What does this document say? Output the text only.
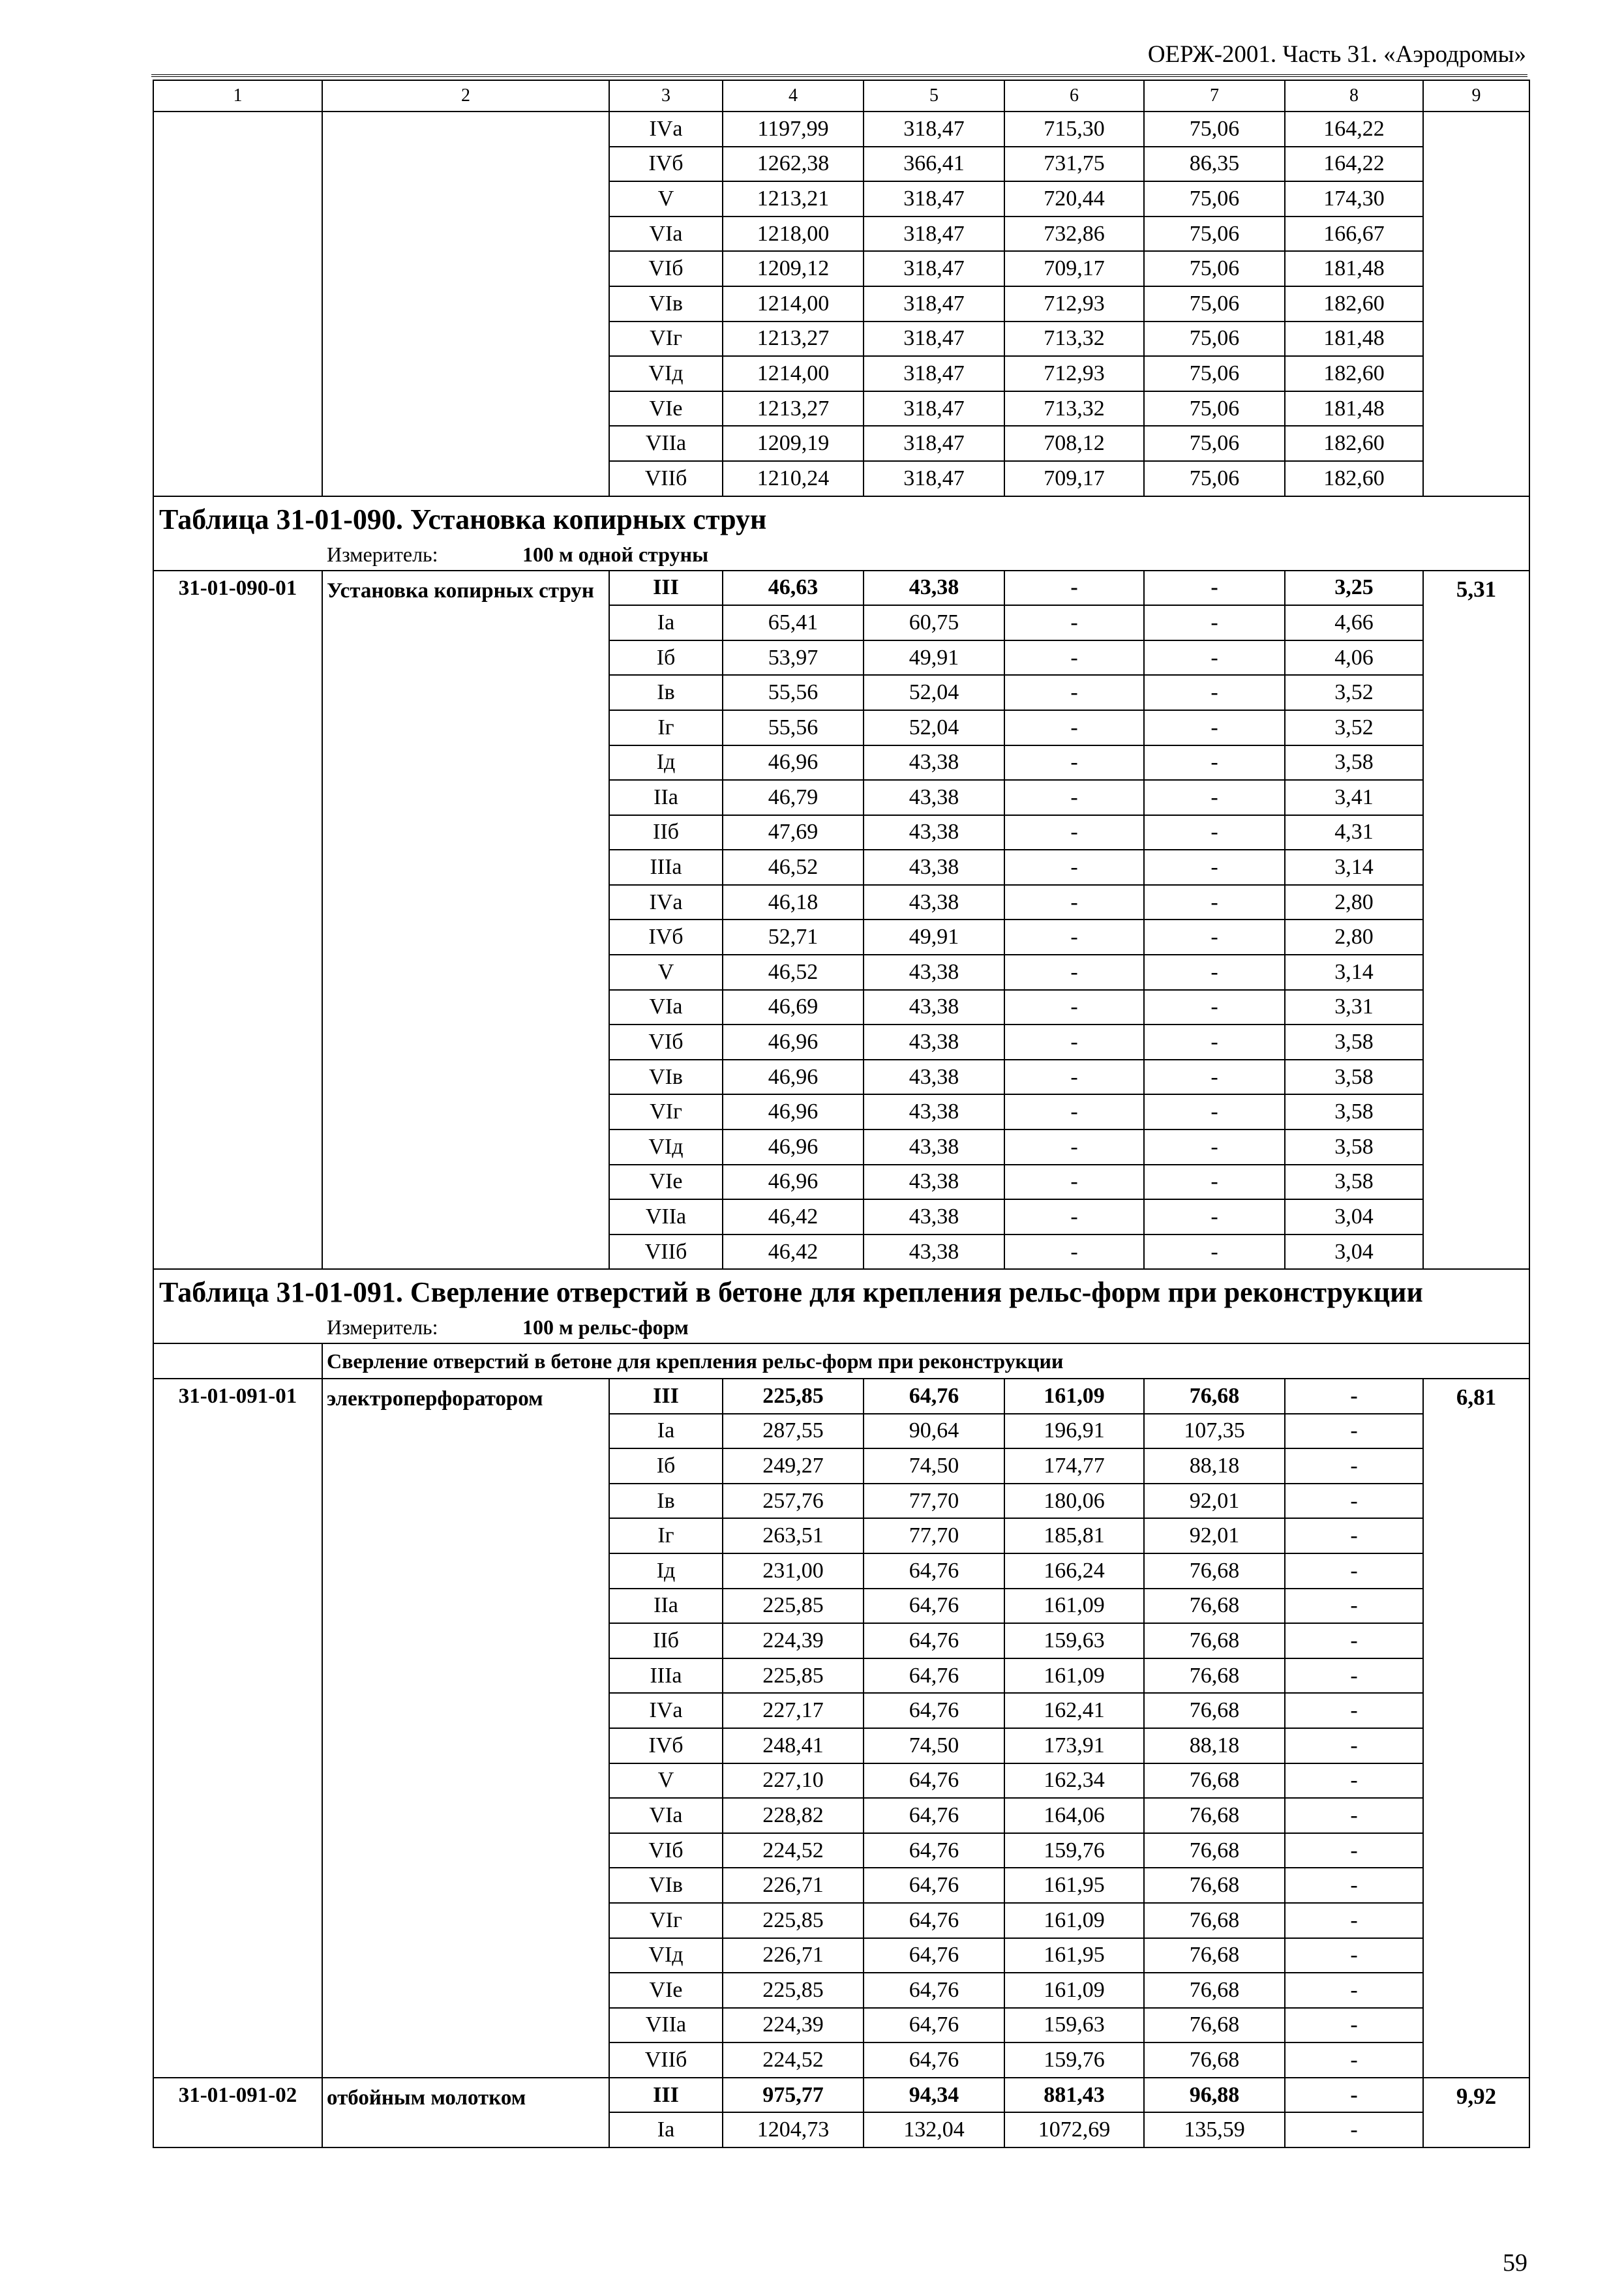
ОЕРЖ-2001. Часть 31. «Аэродромы»
1	2	3	4	5	6	7	8	9
		IVа	1197,99	318,47	715,30	75,06	164,22	
		IVб	1262,38	366,41	731,75	86,35	164,22	
		V	1213,21	318,47	720,44	75,06	174,30	
		VIа	1218,00	318,47	732,86	75,06	166,67	
		VIб	1209,12	318,47	709,17	75,06	181,48	
		VIв	1214,00	318,47	712,93	75,06	182,60	
		VIг	1213,27	318,47	713,32	75,06	181,48	
		VIд	1214,00	318,47	712,93	75,06	182,60	
		VIе	1213,27	318,47	713,32	75,06	181,48	
		VIIа	1209,19	318,47	708,12	75,06	182,60	
		VIIб	1210,24	318,47	709,17	75,06	182,60	

Таблица 31-01-090. Установка копирных струн
Измеритель: 100 м одной струны								

31-01-090-01	Установка копирных струн	III	46,63	43,38	-	-	3,25	5,31
		Iа	65,41	60,75	-	-	4,66	
		Iб	53,97	49,91	-	-	4,06	
		Iв	55,56	52,04	-	-	3,52	
		Iг	55,56	52,04	-	-	3,52	
		Iд	46,96	43,38	-	-	3,58	
		IIа	46,79	43,38	-	-	3,41	
		IIб	47,69	43,38	-	-	4,31	
		IIIа	46,52	43,38	-	-	3,14	
		IVа	46,18	43,38	-	-	2,80	
		IVб	52,71	49,91	-	-	2,80	
		V	46,52	43,38	-	-	3,14	
		VIа	46,69	43,38	-	-	3,31	
		VIб	46,96	43,38	-	-	3,58	
		VIв	46,96	43,38	-	-	3,58	
		VIг	46,96	43,38	-	-	3,58	
		VIд	46,96	43,38	-	-	3,58	
		VIе	46,96	43,38	-	-	3,58	
		VIIа	46,42	43,38	-	-	3,04	
		VIIб	46,42	43,38	-	-	3,04	

Таблица 31-01-091. Сверление отверстий в бетоне для крепления рельс-форм при реконструкции
Измеритель: 100 м рельс-форм								

	Сверление отверстий в бетоне для крепления рельс-форм при реконструкции							
31-01-091-01	электроперфоратором	III	225,85	64,76	161,09	76,68	-	6,81
		Iа	287,55	90,64	196,91	107,35	-	
		Iб	249,27	74,50	174,77	88,18	-	
		Iв	257,76	77,70	180,06	92,01	-	
		Iг	263,51	77,70	185,81	92,01	-	
		Iд	231,00	64,76	166,24	76,68	-	
		IIа	225,85	64,76	161,09	76,68	-	
		IIб	224,39	64,76	159,63	76,68	-	
		IIIа	225,85	64,76	161,09	76,68	-	
		IVа	227,17	64,76	162,41	76,68	-	
		IVб	248,41	74,50	173,91	88,18	-	
		V	227,10	64,76	162,34	76,68	-	
		VIа	228,82	64,76	164,06	76,68	-	
		VIб	224,52	64,76	159,76	76,68	-	
		VIв	226,71	64,76	161,95	76,68	-	
		VIг	225,85	64,76	161,09	76,68	-	
		VIд	226,71	64,76	161,95	76,68	-	
		VIе	225,85	64,76	161,09	76,68	-	
		VIIа	224,39	64,76	159,63	76,68	-	
		VIIб	224,52	64,76	159,76	76,68	-	
31-01-091-02	отбойным молотком	III	975,77	94,34	881,43	96,88	-	9,92
		Iа	1204,73	132,04	1072,69	135,59	-	
59
